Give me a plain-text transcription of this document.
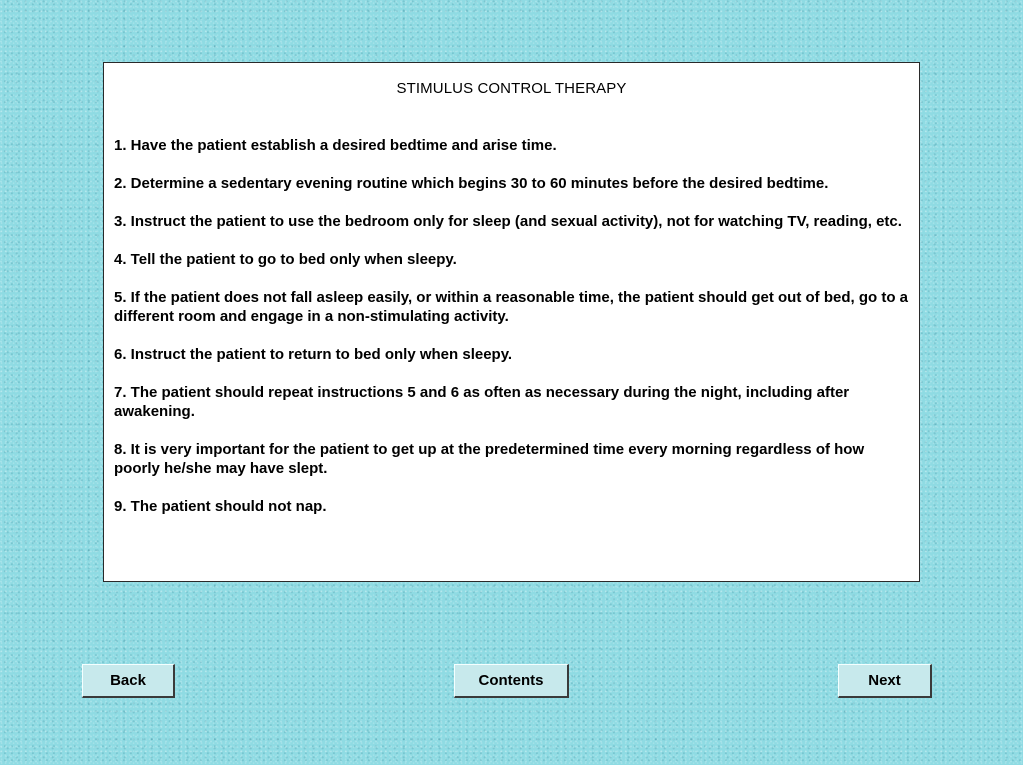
STIMULUS CONTROL THERAPY
1. Have the patient establish a desired bedtime and arise time.
2. Determine a sedentary evening routine which begins 30 to 60 minutes before the desired bedtime.
3. Instruct the patient to use the bedroom only for sleep (and sexual activity), not for watching TV, reading, etc.
4. Tell the patient to go to bed only when sleepy.
5. If the patient does not fall asleep easily, or within a reasonable time, the patient should get out of bed, go to a different room and engage in a non-stimulating activity.
6. Instruct the patient to return to bed only when sleepy.
7. The patient should repeat instructions 5 and 6 as often as necessary during the night, including after awakening.
8. It is very important for the patient to get up at the predetermined time every morning regardless of how poorly he/she may have slept.
9. The patient should not nap.
Back	Contents	Next
